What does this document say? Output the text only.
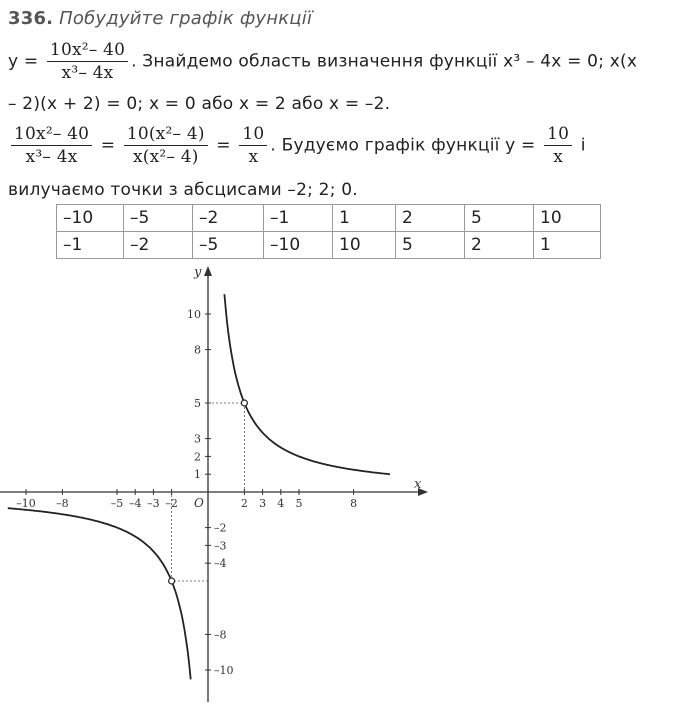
336. Побудуйте графік функції
$y = \frac{\text{10x²– 40}}{\text{x³– 4x}}$ . Знайдемо область визначення функції x³ – 4x = 0; x(x
– 2)(x + 2) = 0; x = 0 або x = 2 або x = –2.
$\frac{\text{10x²– 40}}{\text{x³– 4x}} = \frac{\text{10(x²– 4)}}{\text{x(x²– 4)}} = \frac{10}{x}$ . Будуємо графік функції $y = \frac{10}{x}$ і
вилучаємо точки з абсцисами –2; 2; 0.
–10	–5	–2	–1	1	2	5	10
–1	–2	–5	–10	10	5	2	1
x
y
O
–10 –8	–5 –4 –3 –2	2 3 4 5	8
10
8
5
3
2
1
–2
–3
–4
–8
–10
